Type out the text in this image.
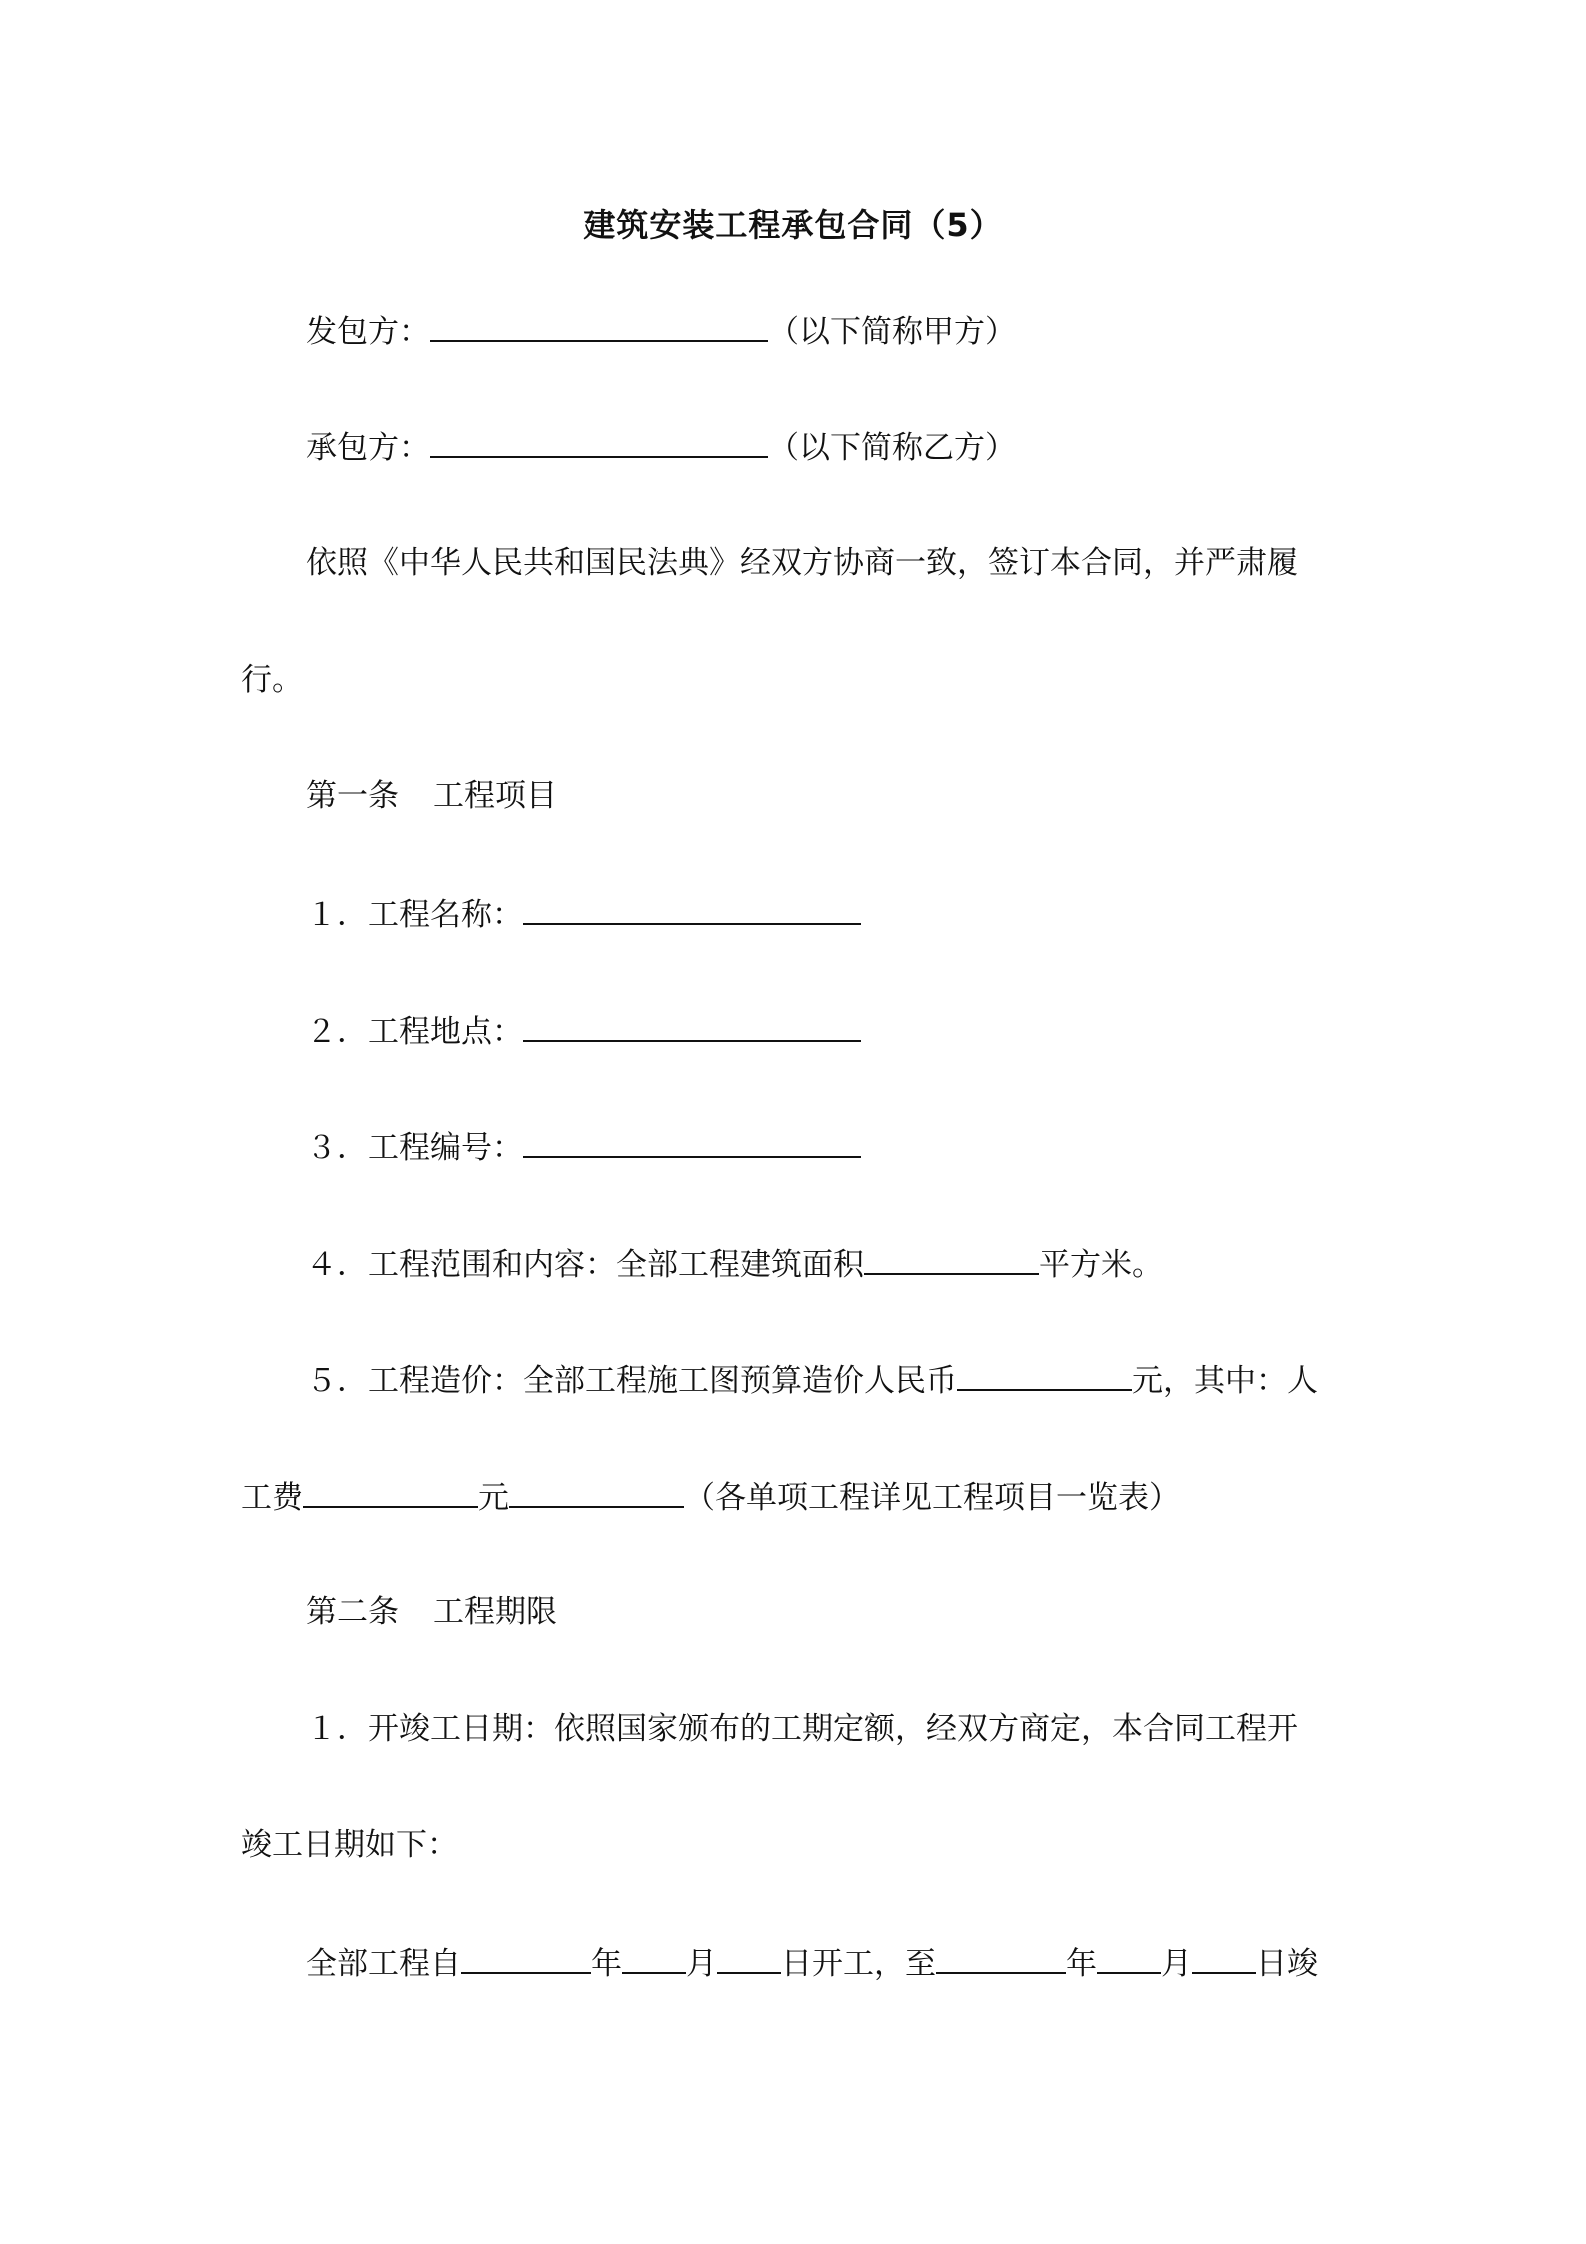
建筑安装工程承包合同（5）
发包方：	（以下简称甲方）
承包方：	（以下简称乙方）
依照《中华人民共和国民法典》经双方协商一致，签订本合同，并严肃履
行。
第一条 工程项目
１．工程名称：
２．工程地点：
３．工程编号：
４．工程范围和内容：全部工程建筑面积	平方米。
５．工程造价：全部工程施工图预算造价人民币	元，其中：人
工费	元	（各单项工程详见工程项目一览表）
第二条 工程期限
１．开竣工日期：依照国家颁布的工期定额，经双方商定，本合同工程开
竣工日期如下：
全部工程自	年 月 日开工，至	年 月 日竣
